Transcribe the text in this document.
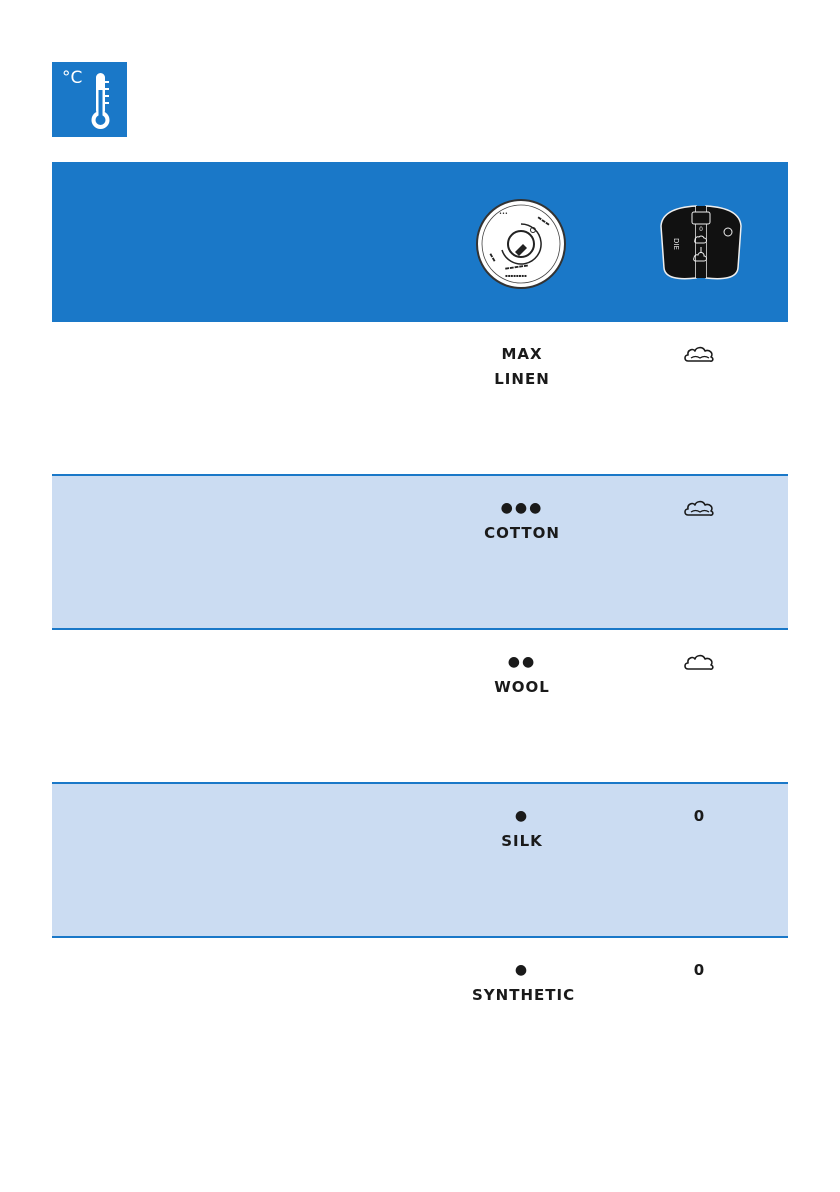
°C
•••
▬▬▬
▬▬
▬▬▬▬▬
▪▪▪▪▪▪▪▪
0
DIE
MAX
LINEN
●●●
COTTON
●●
WOOL
●
SILK
0
●
SYNTHETIC
0
